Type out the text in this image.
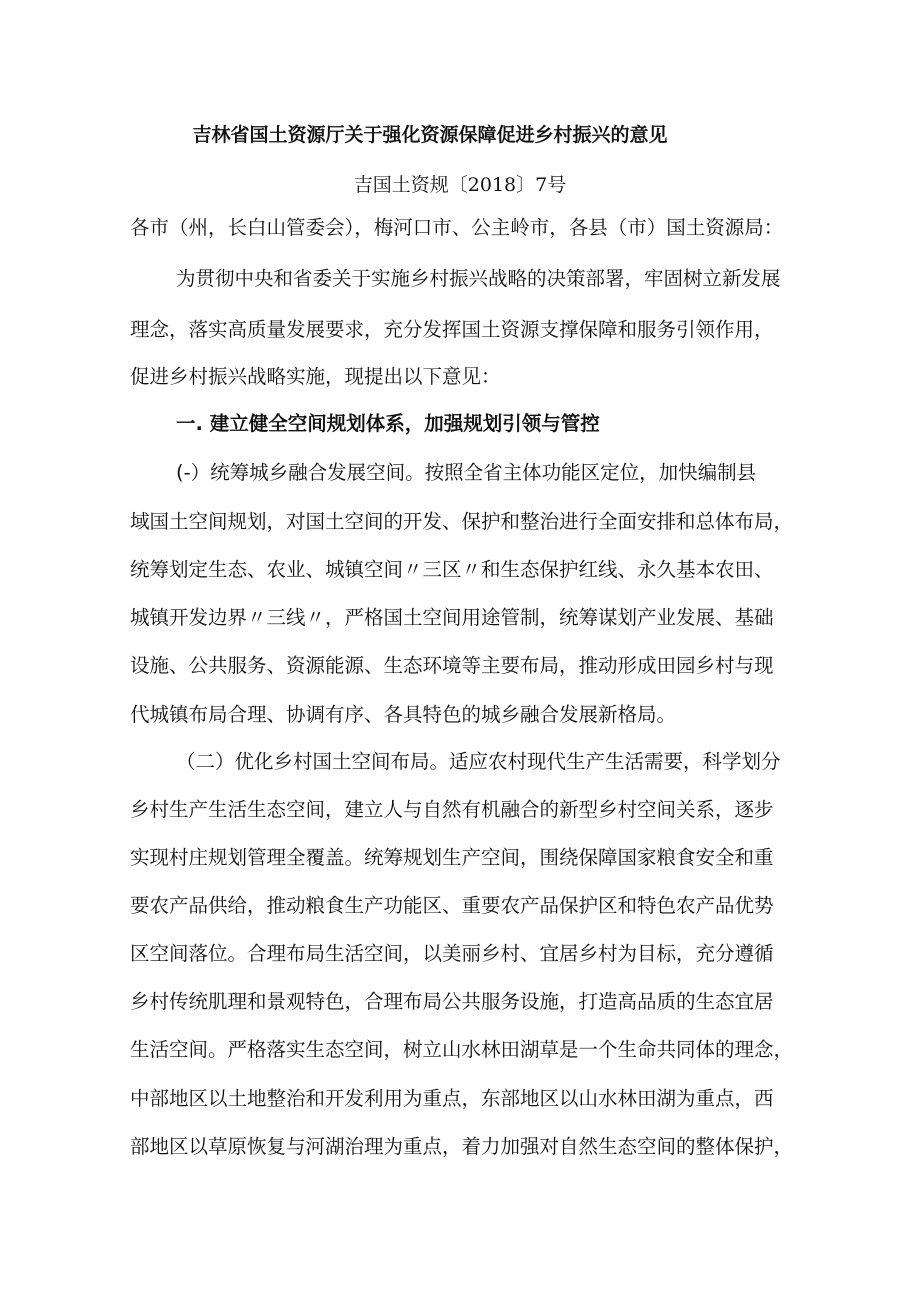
吉林省国土资源厅关于强化资源保障促进乡村振兴的意见
吉国土资规〔2018〕7号
各市（州，长白山管委会），梅河口市、公主岭市，各县（市）国土资源局：
为贯彻中央和省委关于实施乡村振兴战略的决策部署，牢固树立新发展
理念，落实高质量发展要求，充分发挥国土资源支撑保障和服务引领作用，
促进乡村振兴战略实施，现提出以下意见：
一. 建立健全空间规划体系，加强规划引领与管控
(-）统筹城乡融合发展空间。按照全省主体功能区定位，加快编制县
域国土空间规划，对国土空间的开发、保护和整治进行全面安排和总体布局，
统筹划定生态、农业、城镇空间〃三区〃和生态保护红线、永久基本农田、
城镇开发边界〃三线〃，严格国土空间用途管制，统筹谋划产业发展、基础
设施、公共服务、资源能源、生态环境等主要布局，推动形成田园乡村与现
代城镇布局合理、协调有序、各具特色的城乡融合发展新格局。
（二）优化乡村国土空间布局。适应农村现代生产生活需要，科学划分
乡村生产生活生态空间，建立人与自然有机融合的新型乡村空间关系，逐步
实现村庄规划管理全覆盖。统筹规划生产空间，围绕保障国家粮食安全和重
要农产品供给，推动粮食生产功能区、重要农产品保护区和特色农产品优势
区空间落位。合理布局生活空间，以美丽乡村、宜居乡村为目标，充分遵循
乡村传统肌理和景观特色，合理布局公共服务设施，打造高品质的生态宜居
生活空间。严格落实生态空间，树立山水林田湖草是一个生命共同体的理念，
中部地区以土地整治和开发利用为重点，东部地区以山水林田湖为重点，西
部地区以草原恢复与河湖治理为重点，着力加强对自然生态空间的整体保护，
